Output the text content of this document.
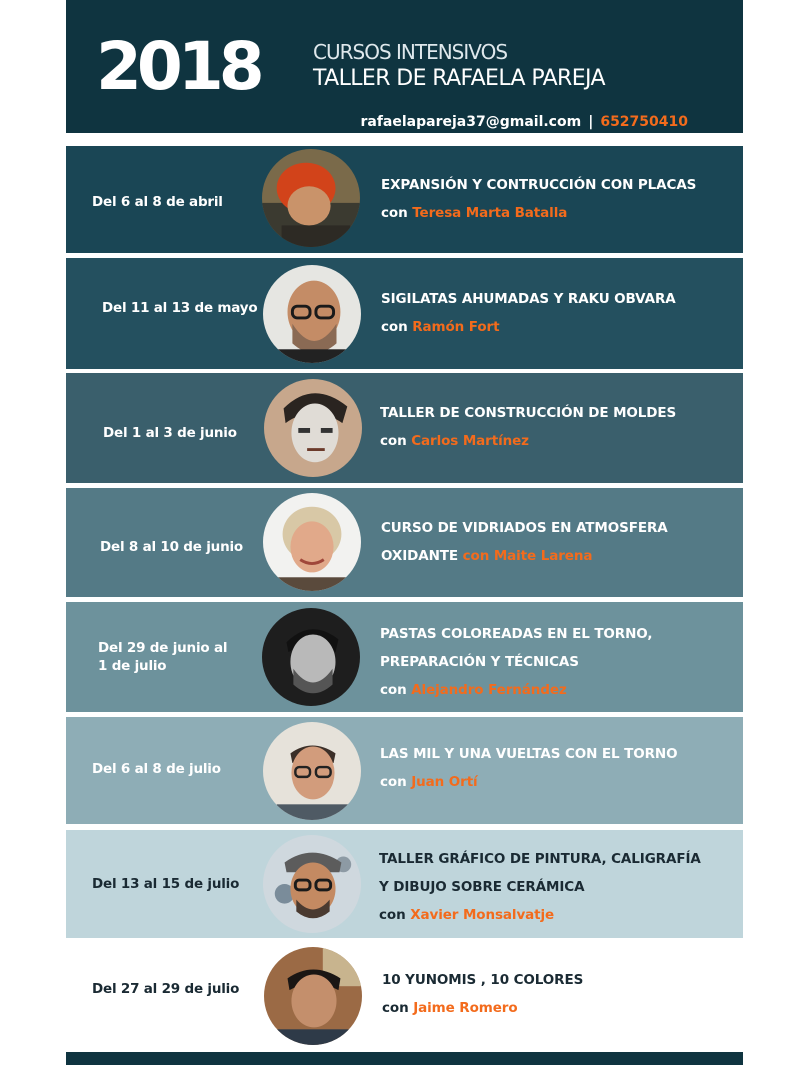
2018	CURSOS INTENSIVOS
TALLER DE RAFAELA PAREJA
rafaelapareja37@gmail.com | 652750410
Del 6 al 8 de abril
EXPANSIÓN Y CONTRUCCIÓN CON PLACAS
con Teresa Marta Batalla
Del 11 al 13 de mayo
SIGILATAS AHUMADAS Y RAKU OBVARA
con Ramón Fort
Del 1 al 3 de junio
TALLER DE CONSTRUCCIÓN DE MOLDES
con Carlos Martínez
Del 8 al 10 de junio
CURSO DE VIDRIADOS EN ATMOSFERA
OXIDANTE con Maite Larena
Del 29 de junio al
1 de julio
PASTAS COLOREADAS EN EL TORNO,
PREPARACIÓN Y TÉCNICAS
con Alejandro Fernández
Del 6 al 8 de julio
LAS MIL Y UNA VUELTAS CON EL TORNO
con Juan Ortí
Del 13 al 15 de julio
TALLER GRÁFICO DE PINTURA, CALIGRAFÍA
Y DIBUJO SOBRE CERÁMICA
con Xavier Monsalvatje
Del 27 al 29 de julio
10 YUNOMIS , 10 COLORES
con Jaime Romero
